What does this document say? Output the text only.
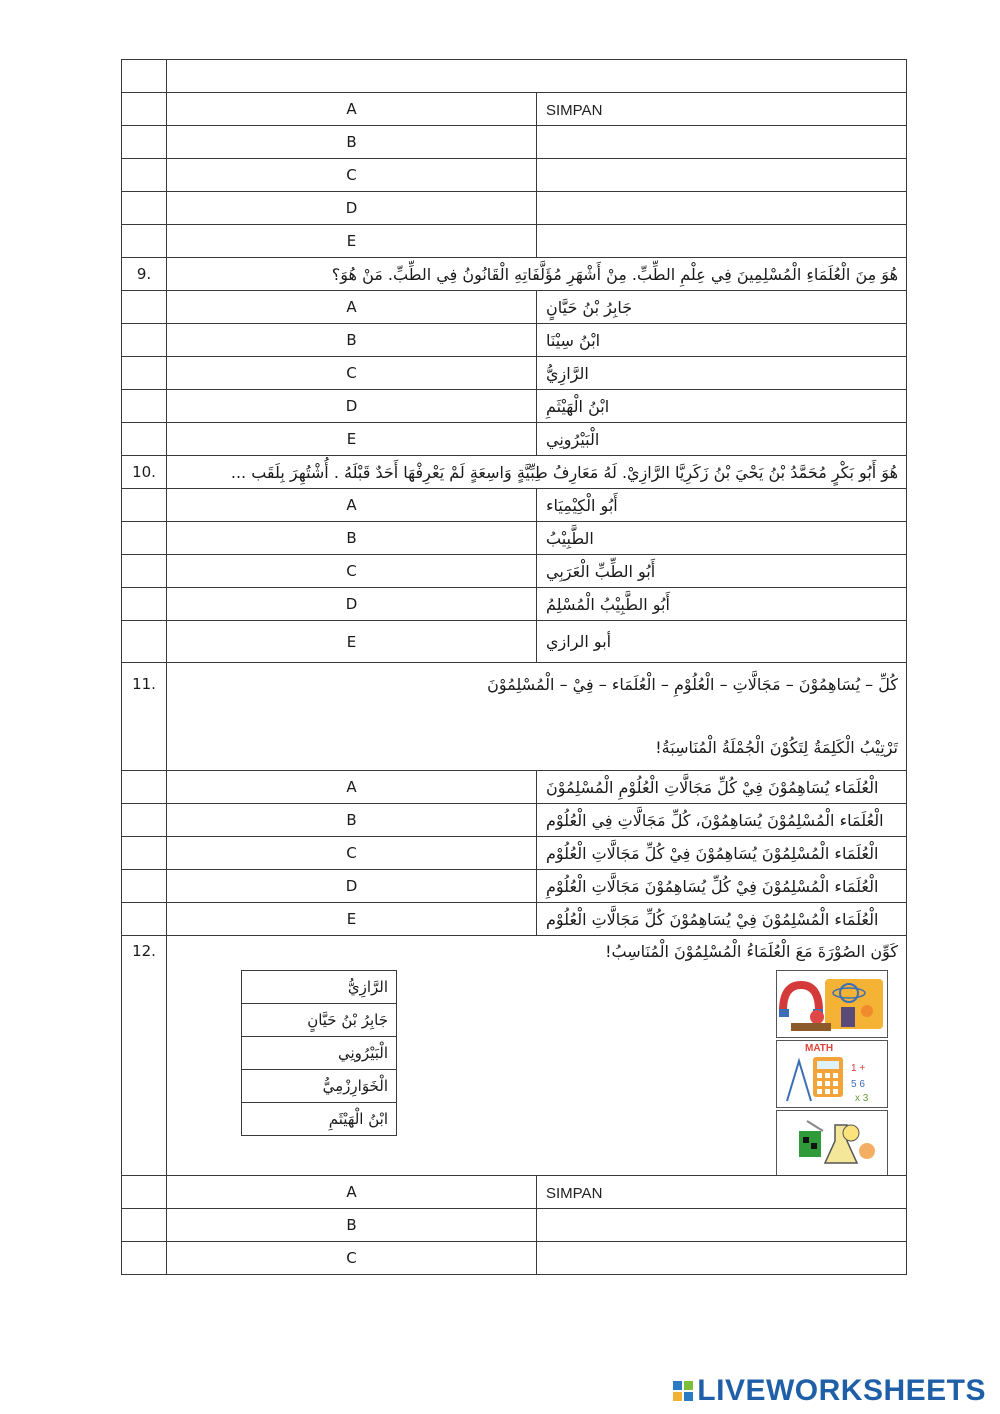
	A	SIMPAN
	B	
	C	
	D	
	E	
9.	هُوَ مِنَ الْعُلَمَاءِ الْمُسْلِمِينَ فِي عِلْمِ الطِّبِّ. مِنْ أَشْهَرِ مُؤَلَّفَاتِهِ الْقَانُونُ فِي الطِّبِّ. مَنْ هُوَ؟
	A	جَابِرُ بْنُ حَيَّانٍ
	B	ابْنُ سِيْنَا
	C	الرَّازِيُّ
	D	ابْنُ الْهَيْثَمِ
	E	الْبَيْرُونِي
10.	هُوَ أَبُو بَكْرٍ مُحَمَّدُ بْنُ يَحْيَ بْنُ زَكَرِيَّا الرَّازِيْ. لَهُ مَعَارِفُ طِبِّيَّةٍ وَاسِعَةٍ لَمْ يَعْرِفْهَا أَحَدٌ قَبْلَهُ . أُشْتُهِرَ بِلَقَب ...
	A	أَبُو الْكِيْمِيَاء
	B	الطَّبِيْبُ
	C	أَبُو الطِّبِّ الْعَرَبِي
	D	أَبُو الطَّبِيْبُ الْمُسْلِمُ
	E	أبو الرازي

11.	كُلِّ – يُسَاهِمُوْنَ – مَجَالَّاتِ – الْعُلُوْمِ – الْعُلَمَاء – فِيْ – الْمُسْلِمُوْنَ
تَرْتِيْبُ الْكَلِمَةُ لِتَكُوْنَ الْجُمْلَةُ الْمُنَاسِبَةُ!

	A	الْعُلَمَاء يُسَاهِمُوْنَ فِيْ كُلِّ مَجَالَّاتِ الْعُلُوْمِ الْمُسْلِمُوْنَ
	B	الْعُلَمَاء الْمُسْلِمُوْنَ يُسَاهِمُوْنَ، كُلِّ مَجَالَّاتِ فِي الْعُلُوْم
	C	الْعُلَمَاء الْمُسْلِمُوْنَ يُسَاهِمُوْنَ فِيْ كُلِّ مَجَالَّاتِ الْعُلُوْم
	D	الْعُلَمَاء الْمُسْلِمُوْنَ فِيْ كُلِّ يُسَاهِمُوْنَ مَجَالَّاتِ الْعُلُوْمِ
	E	الْعُلَمَاء الْمُسْلِمُوْنَ فِيْ يُسَاهِمُوْنَ كُلِّ مَجَالَّاتِ الْعُلُوْم

12.	كَوِّن الصُوْرَةَ مَعَ الْعُلَمَاءُ الْمُسْلِمُوْنَ الْمُنَاسِبُ!
الرَّازِيُّ
جَابِرُ بْنُ حَيَّانٍ
الْبَيْرُونِي
الْخَوَارِزْمِيُّ
ابْنُ الْهَيْثَمِ
1 +
5 6
x 3
MATH

	A	SIMPAN
	B	
	C	
LIVEWORKSHEETS
